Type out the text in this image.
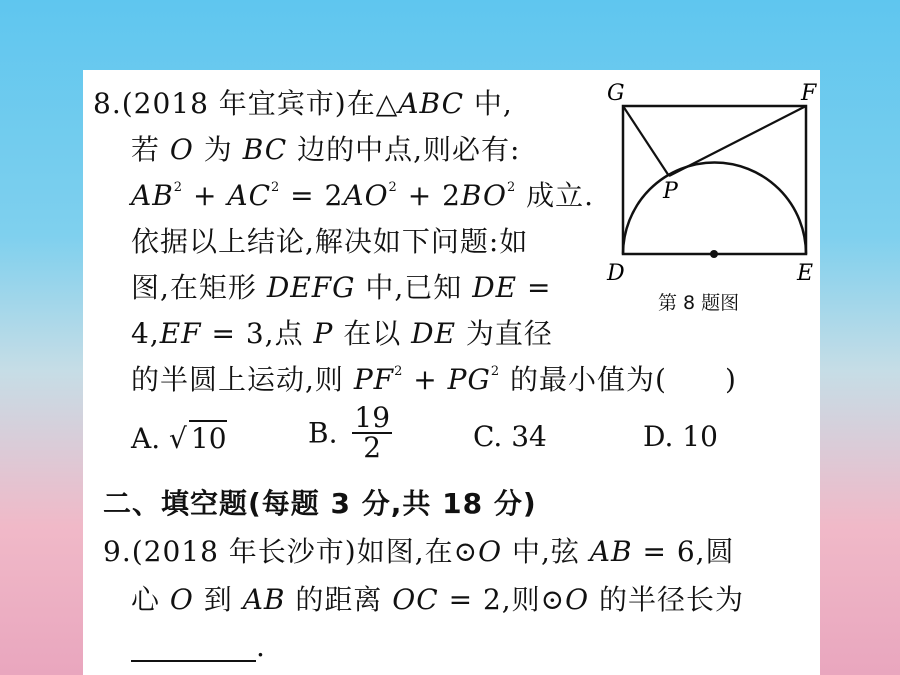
8.(2018 年宜宾市)在△ABC 中,
若 O 为 BC 边的中点,则必有:
$AB^2 + AC^2 = 2AO^2 + 2BO^2$ 成立.
依据以上结论,解决如下问题:如
图,在矩形 DEFG 中,已知 DE =
4,EF = 3,点 P 在以 DE 为直径
的半圆上运动,则 $PF^2 + PG^2$ 的最小值为( )
A. √ 10	B. $\frac{19}{2}$	C. 34	D. 10
G	F
D	E
P
第 8 题图
二、填空题(每题 3 分,共 18 分)
9.(2018 年长沙市)如图,在⊙O 中,弦 AB = 6,圆
心 O 到 AB 的距离 OC = 2,则⊙O 的半径长为
.
